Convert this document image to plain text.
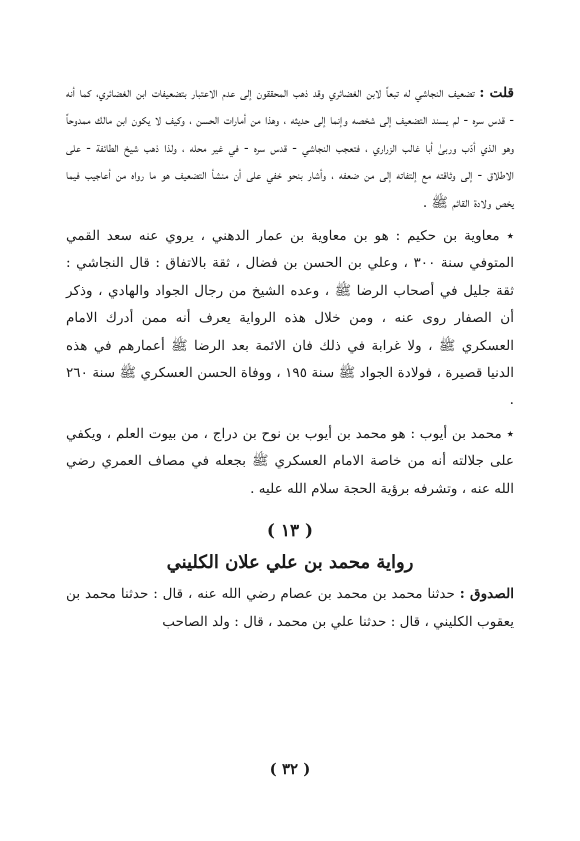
قلت : تضعيف النجاشي له تبعاً لابن الغضائري وقد ذهب المحققون إلى عدم الاعتبار بتضعيفات ابن الغضائري، كما أنه - قدس سره - لم يسند التضعيف إلى شخصه وإنما إلى حديثه ، وهذا من أمارات الحسن ، وكيف لا يكون ابن مالك ممدوحاً وهو الذي أدّب وربىٰ أبا غالب الزراري ، فتعجب النجاشي - قدس سره - في غير محله ، ولذا ذهب شيخ الطائفة - على الاطلاق - إلى وثاقته مع إلتفاته إلى من ضعفه ، وأشار بنحو خفي على أن منشأ التضعيف هو ما رواه من أعاجيب فيما يخص ولادة القائم ﷺ .

٭ معاوية بن حكيم : هو بن معاوية بن عمار الدهني ، يروي عنه سعد القمي المتوفي سنة ٣٠٠ ، وعلي بن الحسن بن فضال ، ثقة بالاتفاق : قال النجاشي : ثقة جليل في أصحاب الرضا ﷺ ، وعده الشيخ من رجال الجواد والهادي ، وذكر أن الصفار روى عنه ، ومن خلال هذه الرواية يعرف أنه ممن أدرك الامام العسكري ﷺ ، ولا غرابة في ذلك فان الائمة بعد الرضا ﷺ أعمارهم في هذه الدنيا قصيرة ، فولادة الجواد ﷺ سنة ١٩٥ ، ووفاة الحسن العسكري ﷺ سنة ٢٦٠ .

٭ محمد بن أيوب : هو محمد بن أيوب بن نوح بن دراج ، من بيوت العلم ، ويكفي على جلالته أنه من خاصة الامام العسكري ﷺ بجعله في مصاف العمري رضي الله عنه ، وتشرفه برؤية الحجة سلام الله عليه .

( ١٣ )
رواية محمد بن علي علان الكليني

الصدوق : حدثنا محمد بن محمد بن عصام رضي الله عنه ، قال : حدثنا محمد بن يعقوب الكليني ، قال : حدثنا علي بن محمد ، قال : ولد الصاحب

( ٣٢ )
